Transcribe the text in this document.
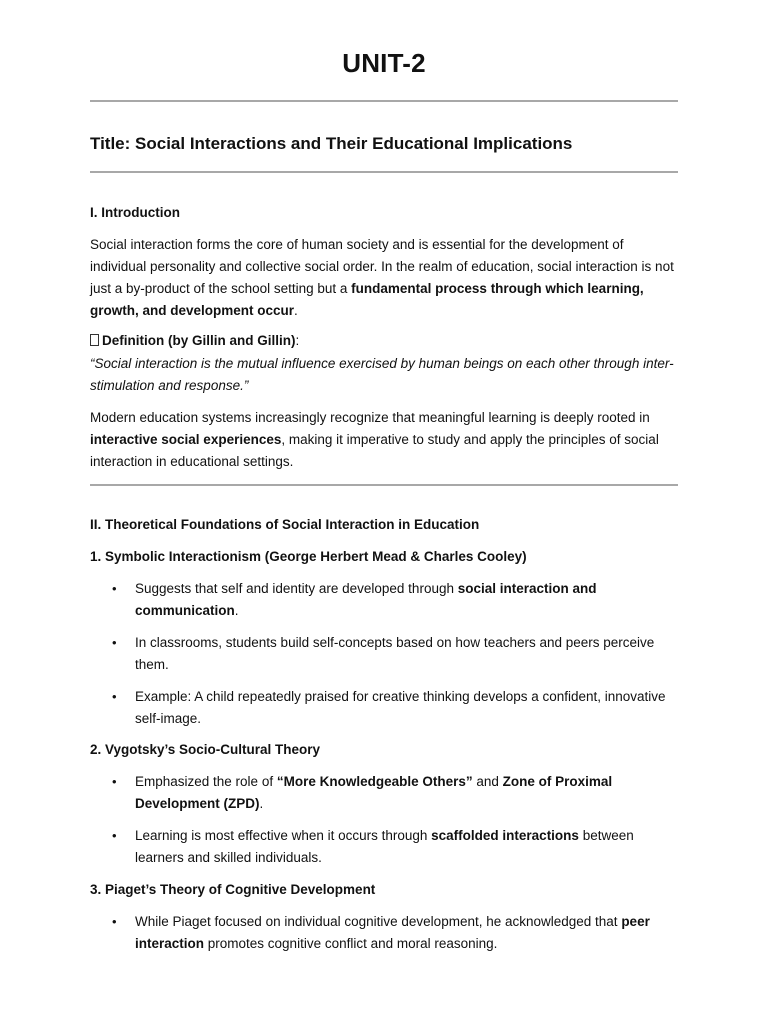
UNIT-2
Title: Social Interactions and Their Educational Implications
I. Introduction
Social interaction forms the core of human society and is essential for the development of individual personality and collective social order. In the realm of education, social interaction is not just a by-product of the school setting but a fundamental process through which learning, growth, and development occur.
Definition (by Gillin and Gillin):
“Social interaction is the mutual influence exercised by human beings on each other through inter-stimulation and response.”
Modern education systems increasingly recognize that meaningful learning is deeply rooted in interactive social experiences, making it imperative to study and apply the principles of social interaction in educational settings.
II. Theoretical Foundations of Social Interaction in Education
1. Symbolic Interactionism (George Herbert Mead & Charles Cooley)
• Suggests that self and identity are developed through social interaction and communication.
• In classrooms, students build self-concepts based on how teachers and peers perceive them.
• Example: A child repeatedly praised for creative thinking develops a confident, innovative self-image.
2. Vygotsky’s Socio-Cultural Theory
• Emphasized the role of “More Knowledgeable Others” and Zone of Proximal Development (ZPD).
• Learning is most effective when it occurs through scaffolded interactions between learners and skilled individuals.
3. Piaget’s Theory of Cognitive Development
• While Piaget focused on individual cognitive development, he acknowledged that peer interaction promotes cognitive conflict and moral reasoning.
